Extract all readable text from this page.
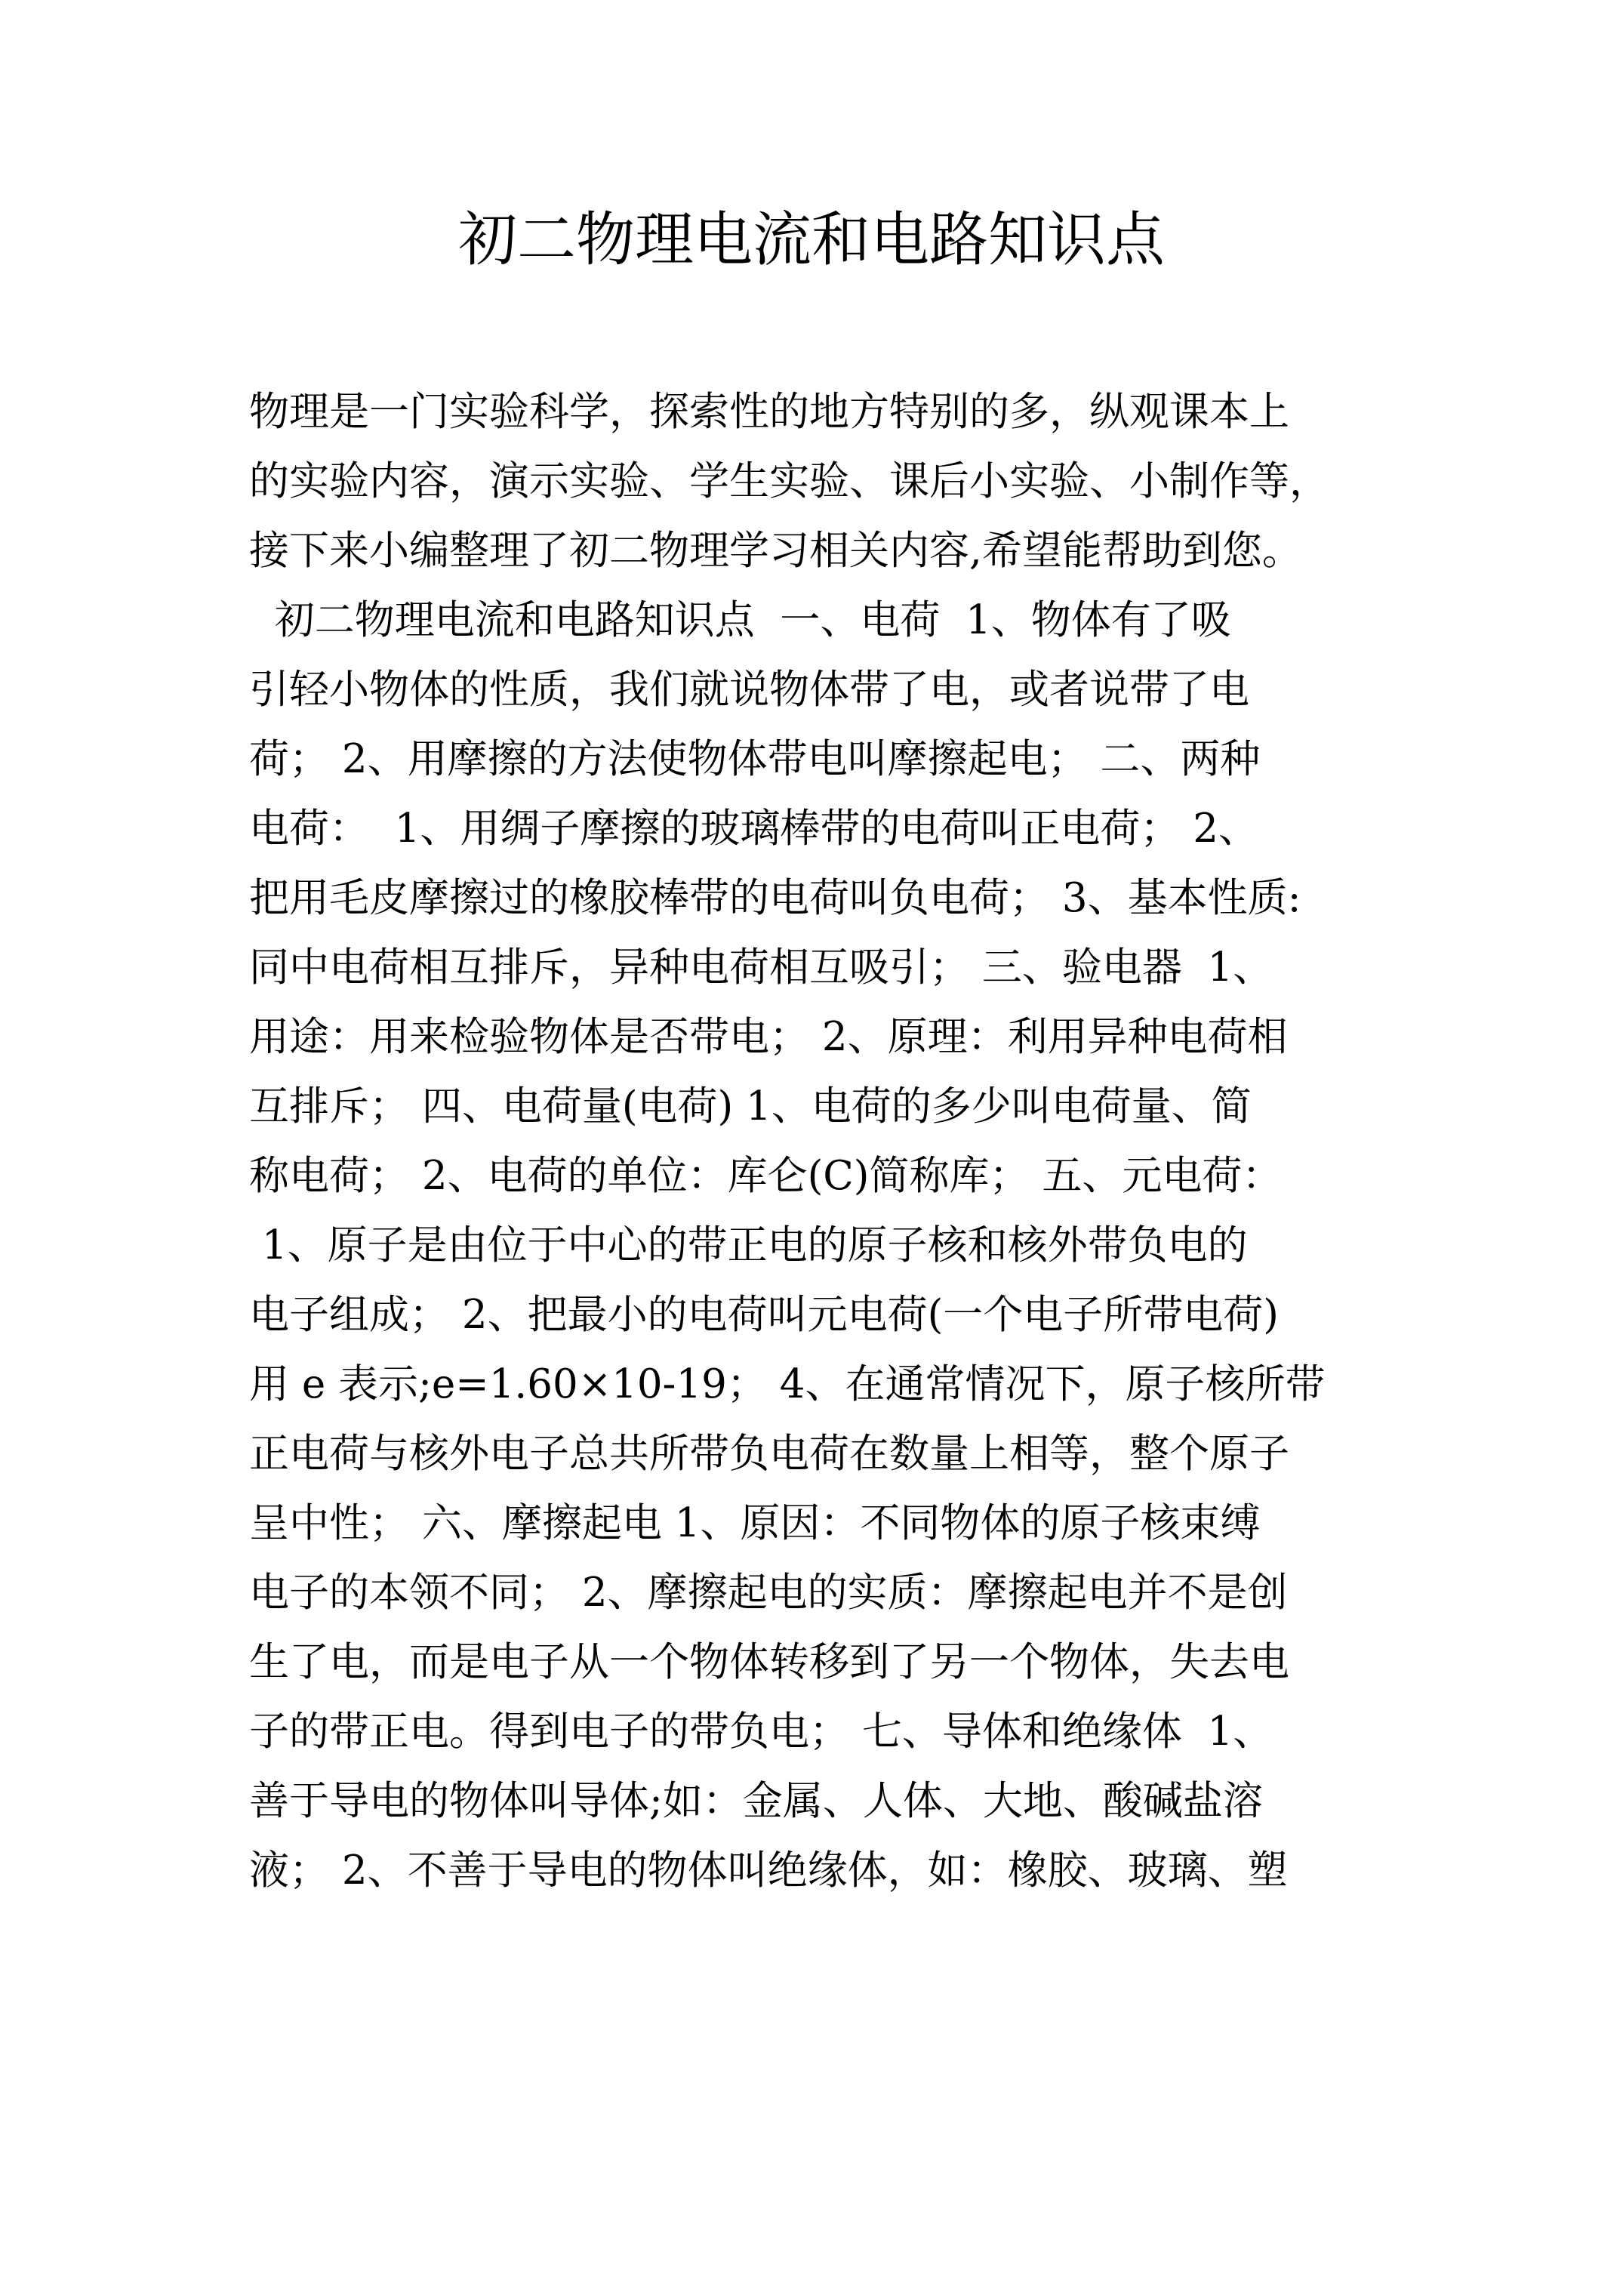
初二物理电流和电路知识点
物理是一门实验科学，探索性的地方特别的多，纵观课本上
的实验内容，演示实验、学生实验、课后小实验、小制作等，
接下来小编整理了初二物理学习相关内容,希望能帮助到您。
初二物理电流和电路知识点  一、电荷  1、物体有了吸
引轻小物体的性质，我们就说物体带了电，或者说带了电
荷； 2、用摩擦的方法使物体带电叫摩擦起电； 二、两种
电荷：  1、用绸子摩擦的玻璃棒带的电荷叫正电荷； 2、
把用毛皮摩擦过的橡胶棒带的电荷叫负电荷； 3、基本性质:
同中电荷相互排斥，异种电荷相互吸引； 三、验电器  1、
用途：用来检验物体是否带电； 2、原理：利用异种电荷相
互排斥； 四、电荷量(电荷) 1、电荷的多少叫电荷量、简
称电荷； 2、电荷的单位：库仑(C)简称库； 五、元电荷：
1、原子是由位于中心的带正电的原子核和核外带负电的
电子组成； 2、把最小的电荷叫元电荷(一个电子所带电荷)
用 e 表示;e=1.60×10-19； 4、在通常情况下，原子核所带
正电荷与核外电子总共所带负电荷在数量上相等，整个原子
呈中性； 六、摩擦起电 1、原因：不同物体的原子核束缚
电子的本领不同； 2、摩擦起电的实质：摩擦起电并不是创
生了电，而是电子从一个物体转移到了另一个物体，失去电
子的带正电。得到电子的带负电； 七、导体和绝缘体  1、
善于导电的物体叫导体;如：金属、人体、大地、酸碱盐溶
液； 2、不善于导电的物体叫绝缘体，如：橡胶、玻璃、塑
